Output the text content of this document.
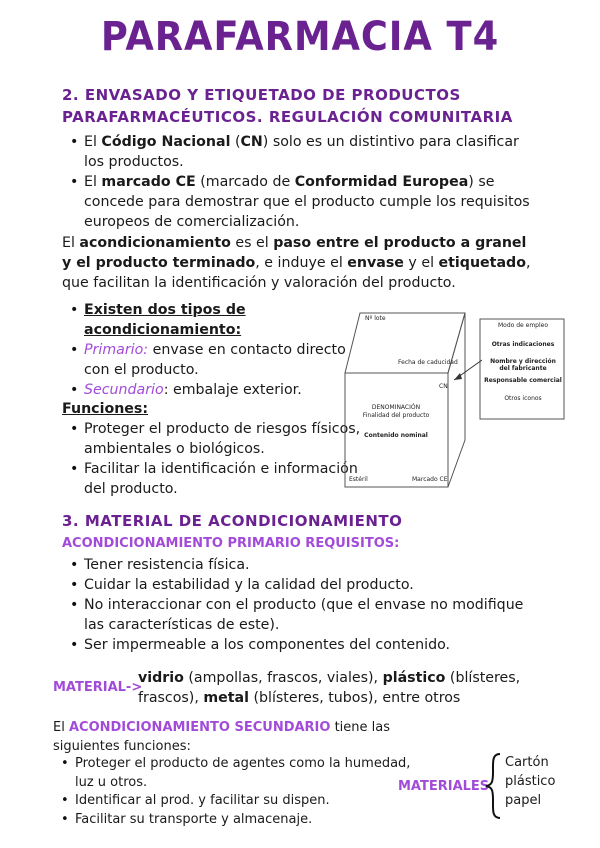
PARAFARMACIA T4
2. ENVASADO Y ETIQUETADO DE PRODUCTOS
PARAFARMACÉUTICOS. REGULACIÓN COMUNITARIA
• El Código Nacional (CN) solo es un distintivo para clasificar los productos.
• El marcado CE (marcado de Conformidad Europea) se concede para demostrar que el producto cumple los requisitos europeos de comercialización.
El acondicionamiento es el paso entre el producto a granel y el producto terminado, e induye el envase y el etiquetado, que facilitan la identificación y valoración del producto.
• Existen dos tipos de
acondicionamiento:
• Primario: envase en contacto directo con el producto.
• Secundario: embalaje exterior.
Funciones:
• Proteger el producto de riesgos físicos, ambientales o biológicos.
• Facilitar la identificación e información del producto.
Nº lote
Fecha de caducidad
CN
DENOMINACIÓN
Finalidad del producto
Contenido nominal
Estéril	Marcado CE
Modo de empleo
Otras indicaciones
Nombre y dirección del fabricante
Responsable comercial
Otros iconos
3. MATERIAL DE ACONDICIONAMIENTO
ACONDICIONAMIENTO PRIMARIO REQUISITOS:
• Tener resistencia física.
• Cuidar la estabilidad y la calidad del producto.
• No interaccionar con el producto (que el envase no modifique las características de este).
• Ser impermeable a los componentes del contenido.
MATERIAL->
vidrio (ampollas, frascos, viales), plástico (blísteres, frascos), metal (blísteres, tubos), entre otros
El ACONDICIONAMIENTO SECUNDARIO tiene las siguientes funciones:
• Proteger el producto de agentes como la humedad, luz u otros.
• Identificar al prod. y facilitar su dispen.
• Facilitar su transporte y almacenaje.
MATERIALES
Cartón
plástico
papel
